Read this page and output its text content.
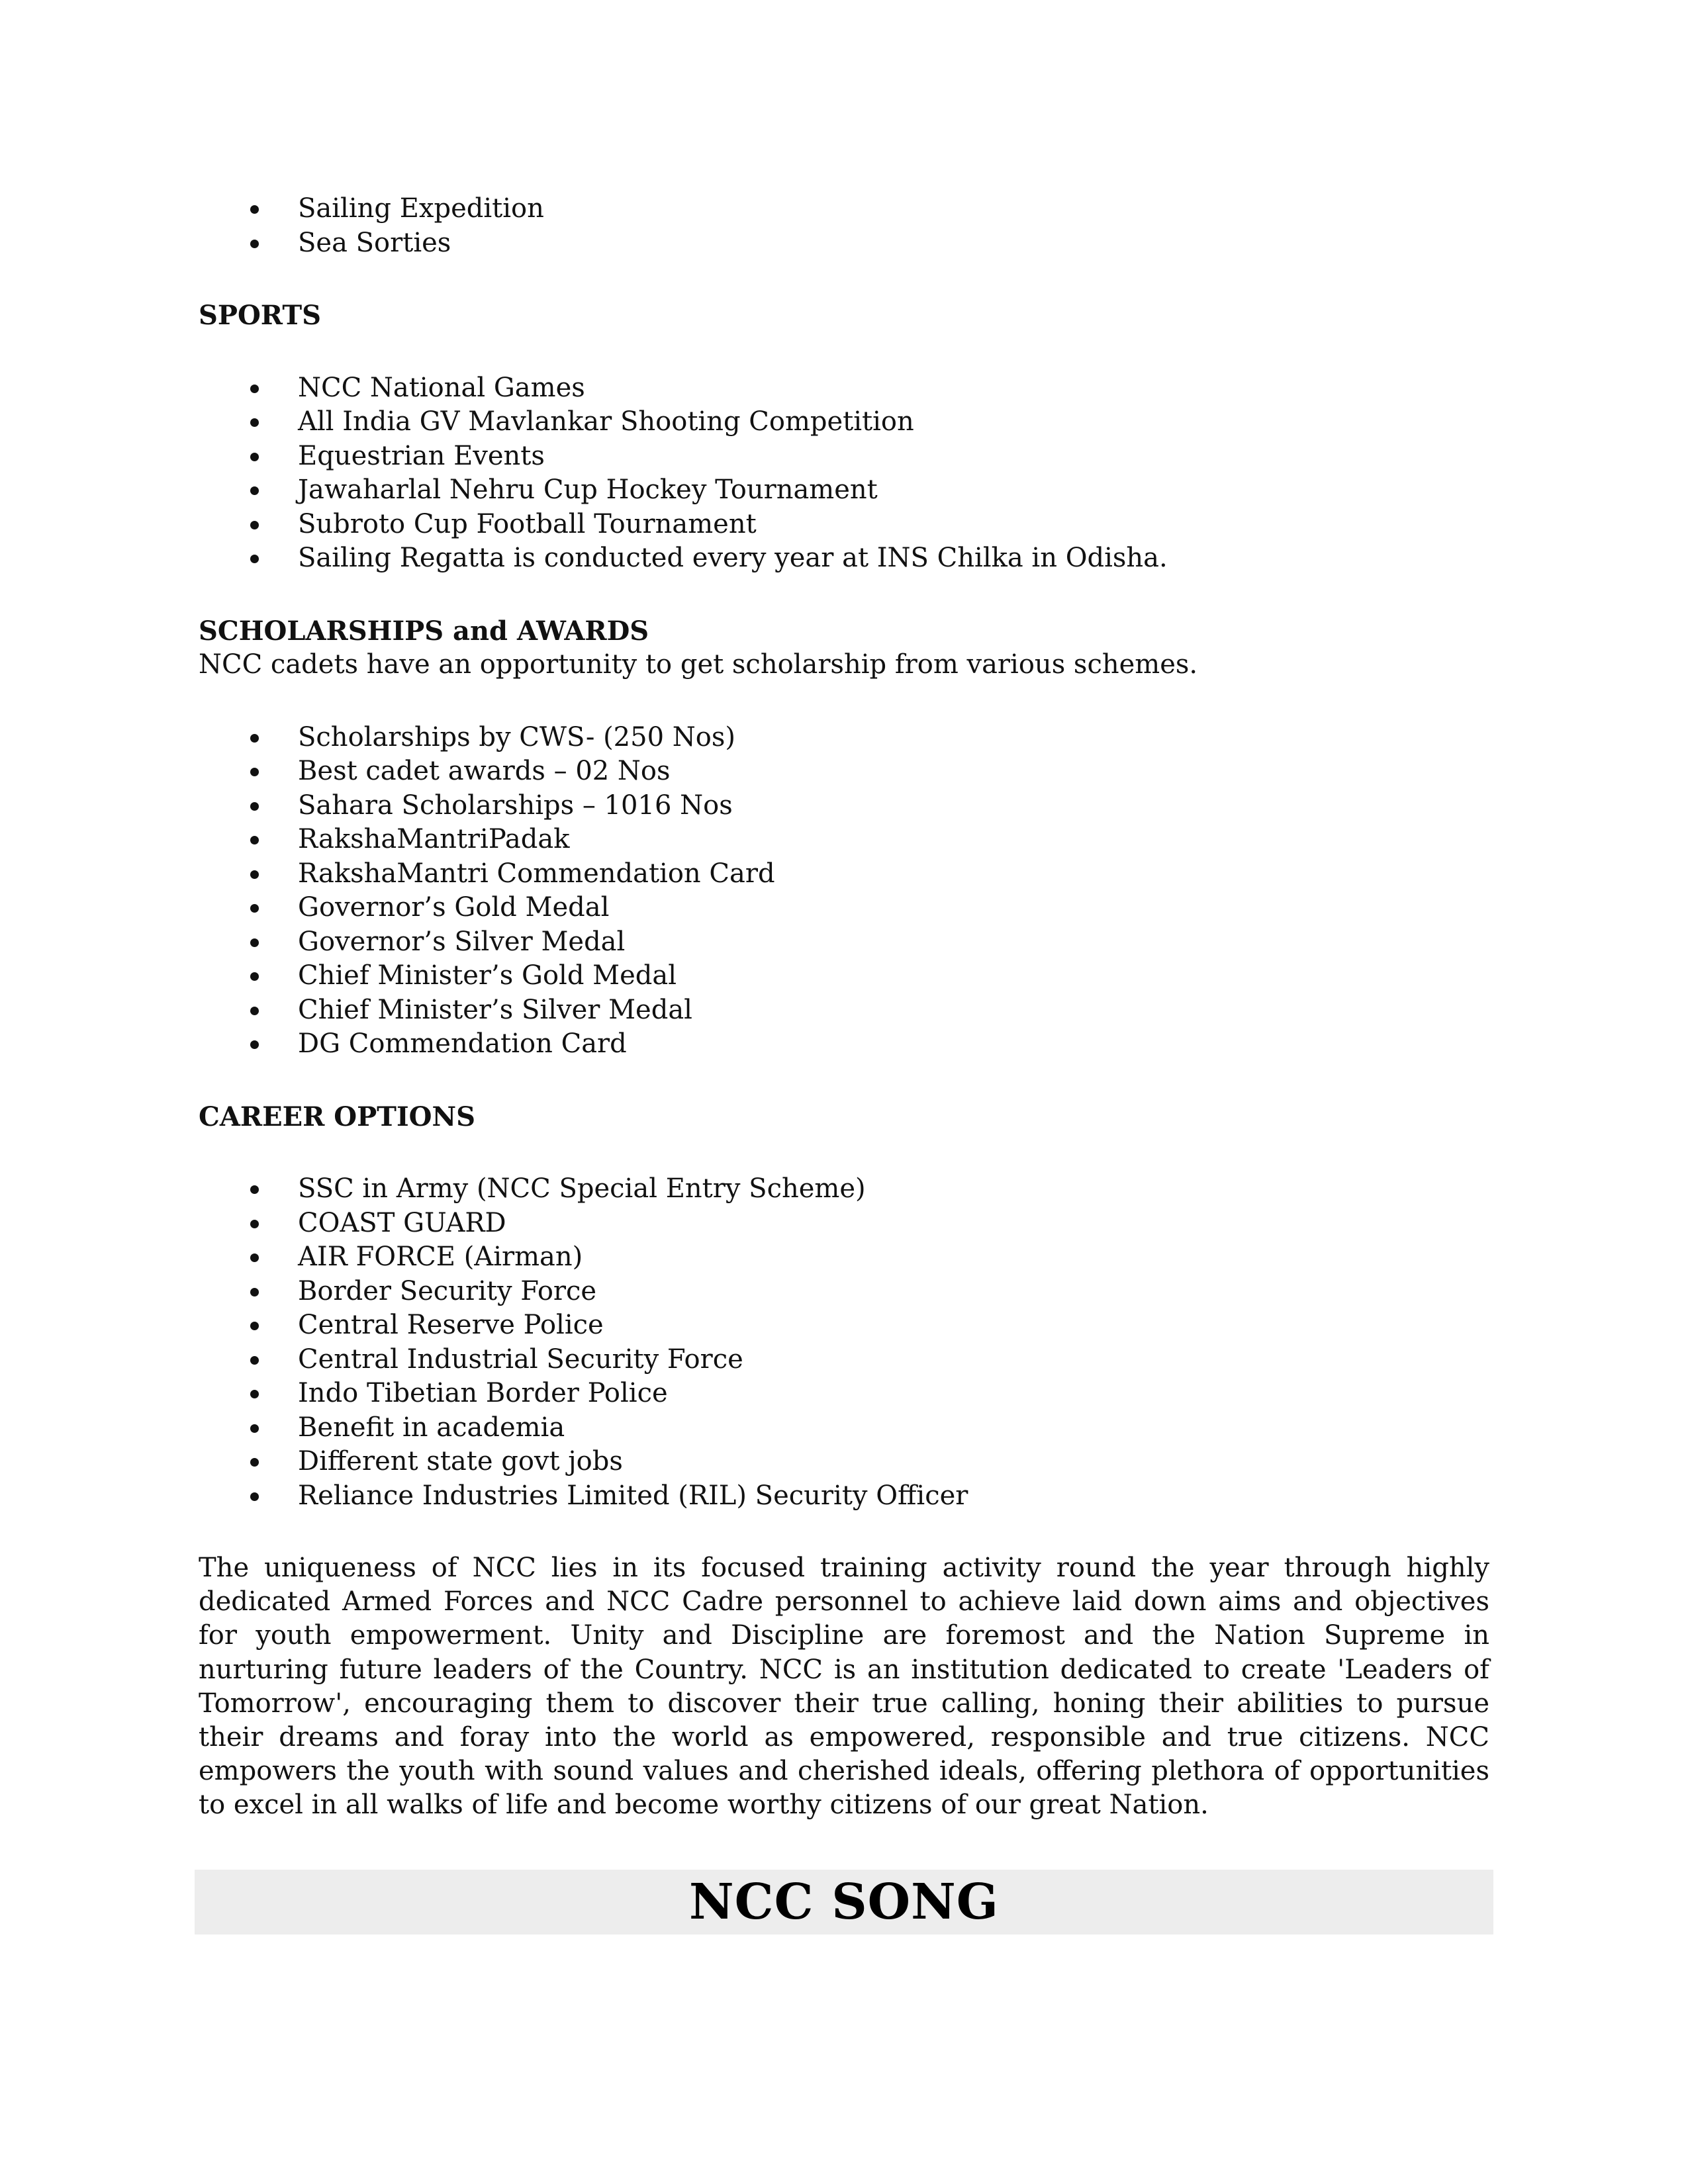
Sailing Expedition
Sea Sorties

SPORTS

NCC National Games
All India GV Mavlankar Shooting Competition
Equestrian Events
Jawaharlal Nehru Cup Hockey Tournament
Subroto Cup Football Tournament
Sailing Regatta is conducted every year at INS Chilka in Odisha.

SCHOLARSHIPS and AWARDS

NCC cadets have an opportunity to get scholarship from various schemes.

Scholarships by CWS- (250 Nos)
Best cadet awards – 02 Nos
Sahara Scholarships – 1016 Nos
RakshaMantriPadak
RakshaMantri Commendation Card
Governor’s Gold Medal
Governor’s Silver Medal
Chief Minister’s Gold Medal
Chief Minister’s Silver Medal
DG Commendation Card

CAREER OPTIONS

SSC in Army (NCC Special Entry Scheme)
COAST GUARD
AIR FORCE (Airman)
Border Security Force
Central Reserve Police
Central Industrial Security Force
Indo Tibetian Border Police
Benefit in academia
Different state govt jobs
Reliance Industries Limited (RIL) Security Officer

The uniqueness of NCC lies in its focused training activity round the year through highly dedicated Armed Forces and NCC Cadre personnel to achieve laid down aims and objectives for youth empowerment. Unity and Discipline are foremost and the Nation Supreme in nurturing future leaders of the Country. NCC is an institution dedicated to create 'Leaders of Tomorrow', encouraging them to discover their true calling, honing their abilities to pursue their dreams and foray into the world as empowered, responsible and true citizens. NCC empowers the youth with sound values and cherished ideals, offering plethora of opportunities to excel in all walks of life and become worthy citizens of our great Nation.

NCC SONG
